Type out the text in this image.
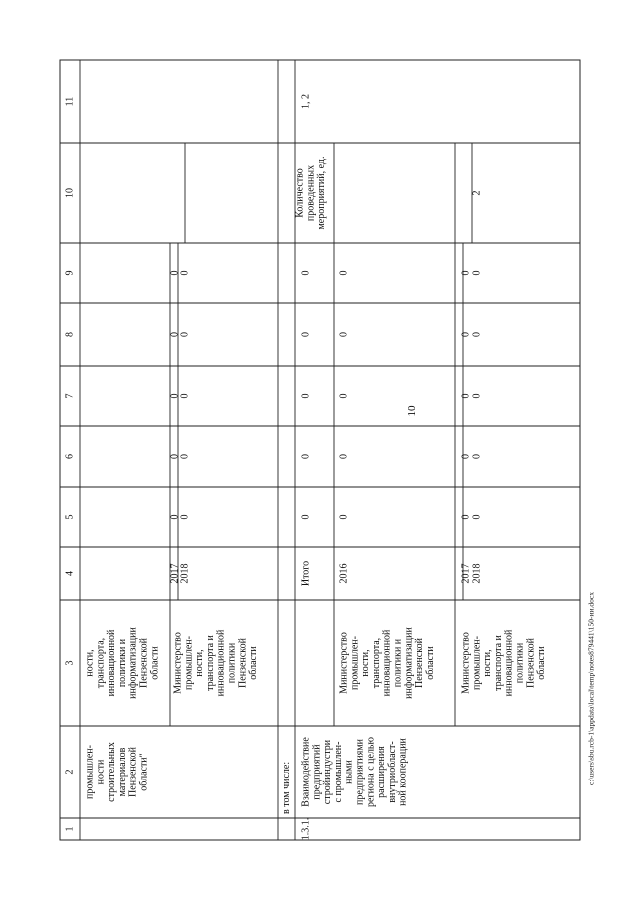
10
c:\users\sbu.rcb-1\appdata\local\temp\notes879441\150-ии.docx
1
2
3
4
5
6
7
8
9
10
11
промышлен- ности строительных материалов Пензенской области"
ности, транспорта, инновационной политики и информатизации Пензенской области Министерство промышлен- ности, транспорта и инновационной политики Пензенской области
2017
0
0
0
0
0
2018
0
0
0
0
0
в том числе:
1.3.1.
Взаимодействие предприятий стройиндустри с промышлен- ными предприятиями региона с целью расширения внутриобласт- ной кооперации
Итого
0
0
0
0
0
Количество проведенных мероприятий, ед.
1, 2
Министерство промышлен- ности, транспорта, инновационной политики и информатизации Пензенской области
2016
0
0
0
0
0
Министерство промышлен- ности, транспорта и инновационной политики Пензенской области
2017
0
0
0
0
0
2018
0
0
0
0
0
2
